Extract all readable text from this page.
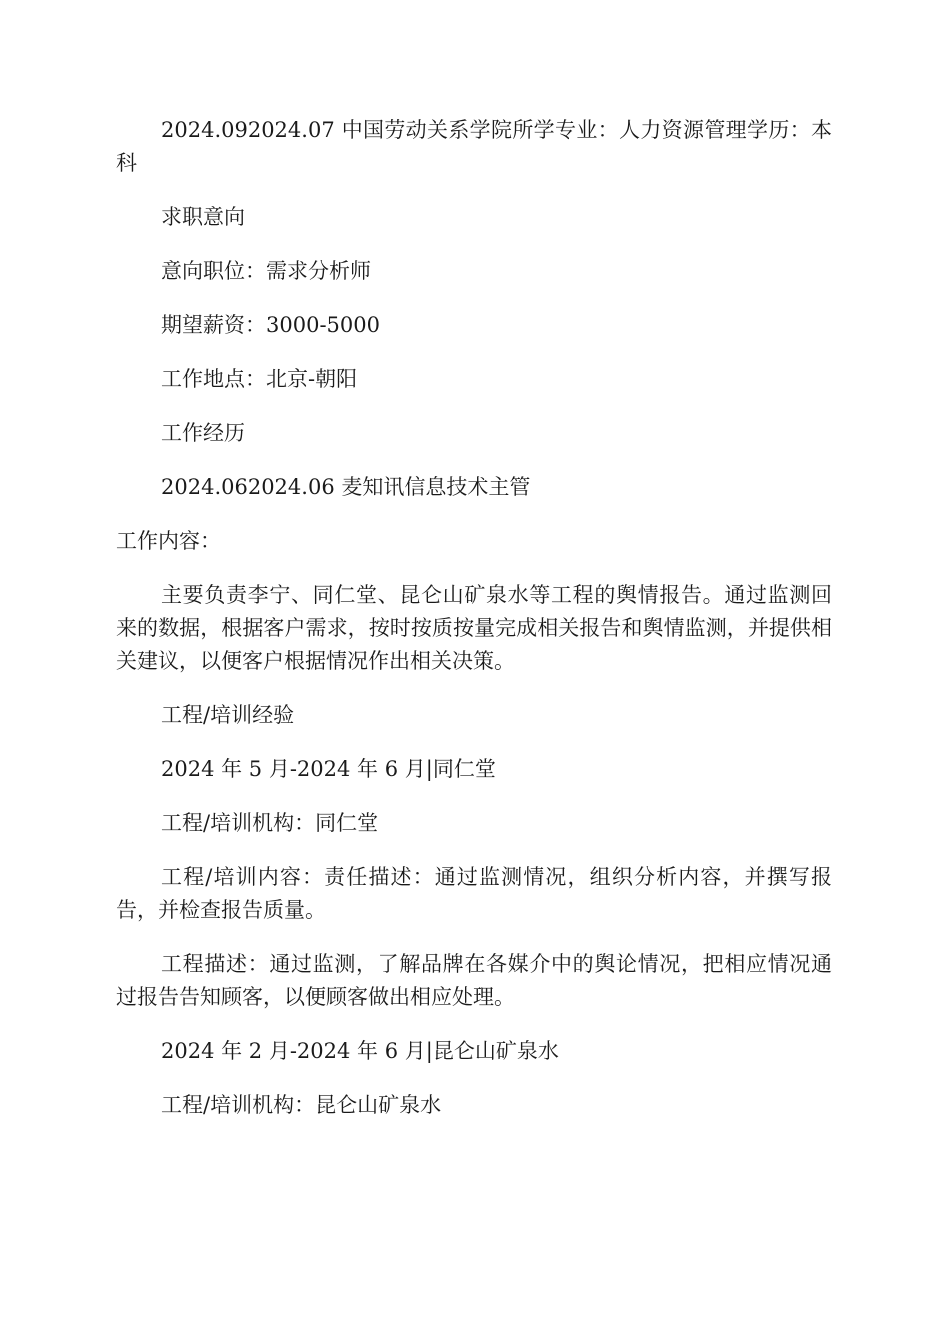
2024.092024.07 中国劳动关系学院所学专业：人力资源管理学历：本科

求职意向

意向职位：需求分析师

期望薪资：3000-5000

工作地点：北京-朝阳

工作经历

2024.062024.06 麦知讯信息技术主管

工作内容：

主要负责李宁、同仁堂、昆仑山矿泉水等工程的舆情报告。通过监测回来的数据，根据客户需求，按时按质按量完成相关报告和舆情监测，并提供相关建议，以便客户根据情况作出相关决策。

工程/培训经验

2024 年 5 月-2024 年 6 月|同仁堂

工程/培训机构：同仁堂

工程/培训内容：责任描述：通过监测情况，组织分析内容，并撰写报告，并检查报告质量。

工程描述：通过监测，了解品牌在各媒介中的舆论情况，把相应情况通过报告告知顾客，以便顾客做出相应处理。

2024 年 2 月-2024 年 6 月|昆仑山矿泉水

工程/培训机构：昆仑山矿泉水
